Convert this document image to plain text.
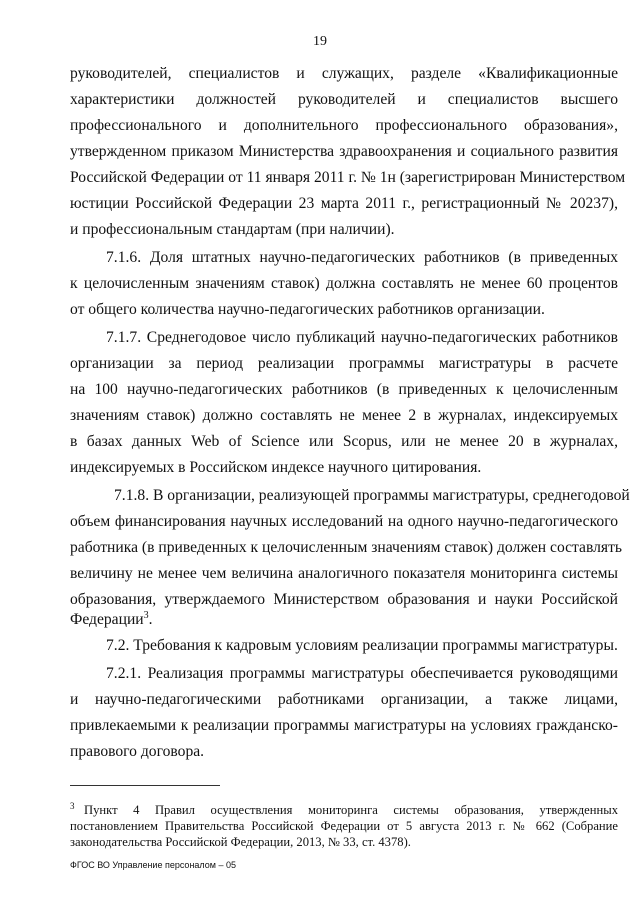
19
руководителей, специалистов и служащих, разделе «Квалификационные
характеристики должностей руководителей и специалистов высшего
профессионального и дополнительного профессионального образования»,
утвержденном приказом Министерства здравоохранения и социального развития
Российской Федерации от 11 января 2011 г. № 1н (зарегистрирован Министерством
юстиции Российской Федерации 23 марта 2011 г., регистрационный № 20237),
и профессиональным стандартам (при наличии).
7.1.6. Доля штатных научно-педагогических работников (в приведенных
к целочисленным значениям ставок) должна составлять не менее 60 процентов
от общего количества научно-педагогических работников организации.
7.1.7. Среднегодовое число публикаций научно-педагогических работников
организации за период реализации программы магистратуры в расчете
на 100 научно-педагогических работников (в приведенных к целочисленным
значениям ставок) должно составлять не менее 2 в журналах, индексируемых
в базах данных Web of Science или Scopus, или не менее 20 в журналах,
индексируемых в Российском индексе научного цитирования.
7.1.8. В организации, реализующей программы магистратуры, среднегодовой
объем финансирования научных исследований на одного научно-педагогического
работника (в приведенных к целочисленным значениям ставок) должен составлять
величину не менее чем величина аналогичного показателя мониторинга системы
образования, утверждаемого Министерством образования и науки Российской
Федерации$^3$.
7.2. Требования к кадровым условиям реализации программы магистратуры.
7.2.1. Реализация программы магистратуры обеспечивается руководящими
и научно-педагогическими работниками организации, а также лицами,
привлекаемыми к реализации программы магистратуры на условиях гражданско-
правового договора.
$^3$ Пункт 4 Правил осуществления мониторинга системы образования, утвержденных
постановлением Правительства Российской Федерации от 5 августа 2013 г. № 662 (Собрание
законодательства Российской Федерации, 2013, № 33, ст. 4378).
ФГОС ВО Управление персоналом – 05
